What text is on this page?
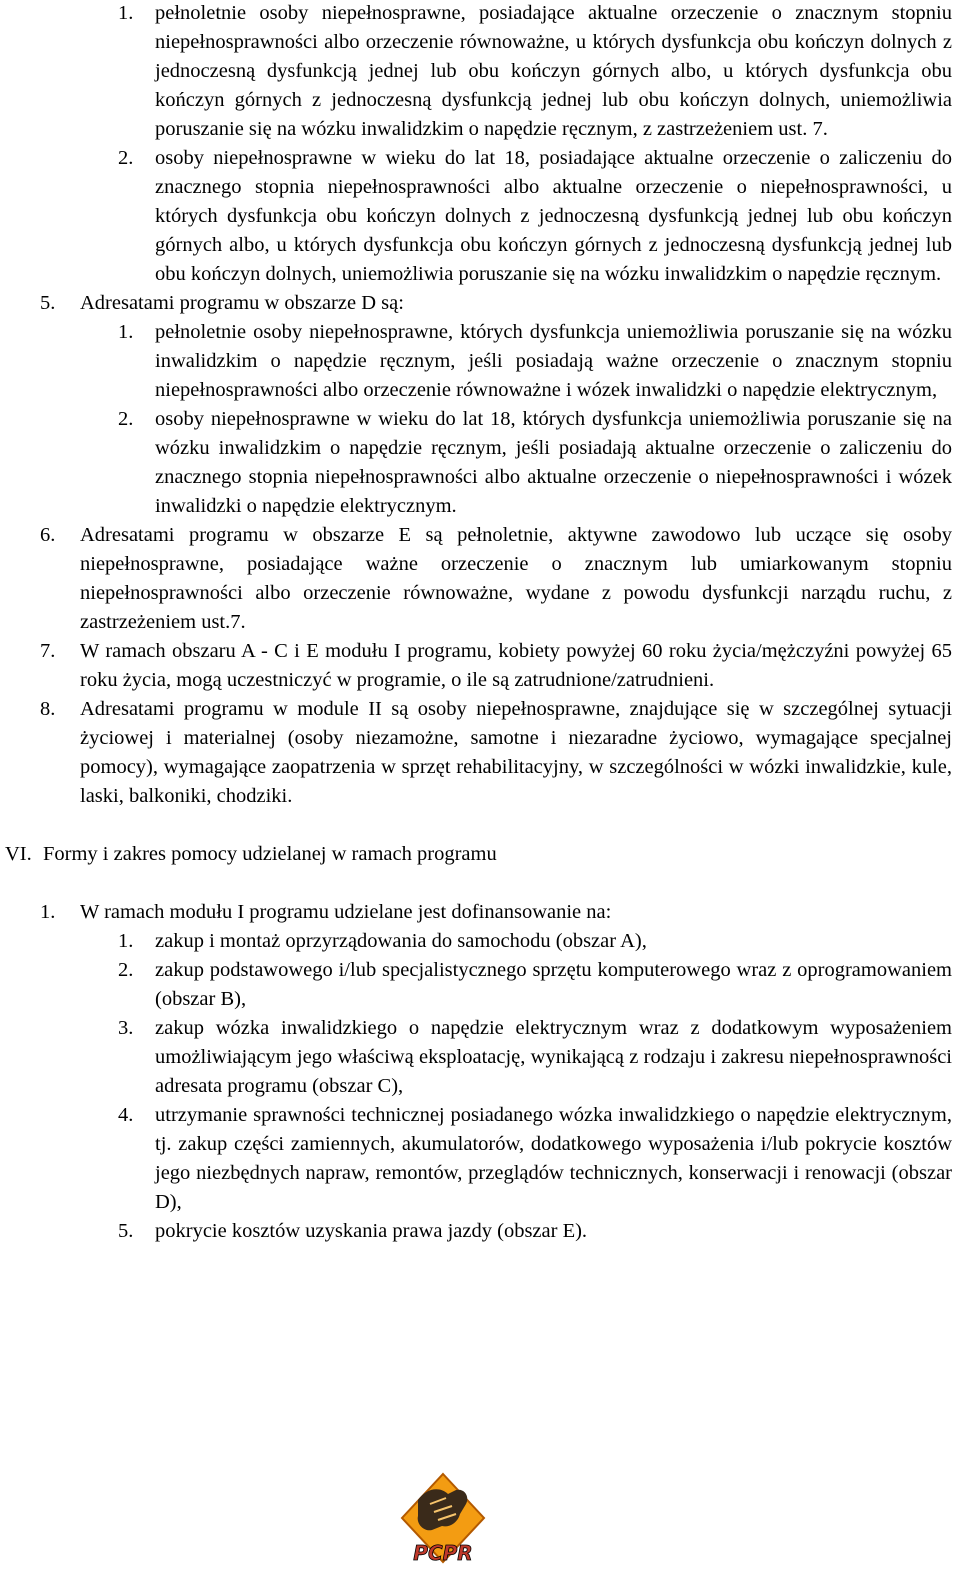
1. pełnoletnie osoby niepełnosprawne, posiadające aktualne orzeczenie o znacznym stopniu niepełnosprawności albo orzeczenie równoważne, u których dysfunkcja obu kończyn dolnych z jednoczesną dysfunkcją jednej lub obu kończyn górnych albo, u których dysfunkcja obu kończyn górnych z jednoczesną dysfunkcją jednej lub obu kończyn dolnych, uniemożliwia poruszanie się na wózku inwalidzkim o napędzie ręcznym, z zastrzeżeniem ust. 7.
2. osoby niepełnosprawne w wieku do lat 18, posiadające aktualne orzeczenie o zaliczeniu do znacznego stopnia niepełnosprawności albo aktualne orzeczenie o niepełnosprawności, u których dysfunkcja obu kończyn dolnych z jednoczesną dysfunkcją jednej lub obu kończyn górnych albo, u których dysfunkcja obu kończyn górnych z jednoczesną dysfunkcją jednej lub obu kończyn dolnych, uniemożliwia poruszanie się na wózku inwalidzkim o napędzie ręcznym.
5. Adresatami programu w obszarze D są:
1. pełnoletnie osoby niepełnosprawne, których dysfunkcja uniemożliwia poruszanie się na wózku inwalidzkim o napędzie ręcznym, jeśli posiadają ważne orzeczenie o znacznym stopniu niepełnosprawności albo orzeczenie równoważne i wózek inwalidzki o napędzie elektrycznym,
2. osoby niepełnosprawne w wieku do lat 18, których dysfunkcja uniemożliwia poruszanie się na wózku inwalidzkim o napędzie ręcznym, jeśli posiadają aktualne orzeczenie o zaliczeniu do znacznego stopnia niepełnosprawności albo aktualne orzeczenie o niepełnosprawności i wózek inwalidzki o napędzie elektrycznym.
6. Adresatami programu w obszarze E są pełnoletnie, aktywne zawodowo lub uczące się osoby niepełnosprawne, posiadające ważne orzeczenie o znacznym lub umiarkowanym stopniu niepełnosprawności albo orzeczenie równoważne, wydane z powodu dysfunkcji narządu ruchu, z zastrzeżeniem ust.7.
7. W ramach obszaru A - C i E modułu I programu, kobiety powyżej 60 roku życia/mężczyźni powyżej 65 roku życia, mogą uczestniczyć w programie, o ile są zatrudnione/zatrudnieni.
8. Adresatami programu w module II są osoby niepełnosprawne, znajdujące się w szczególnej sytuacji życiowej i materialnej (osoby niezamożne, samotne i niezaradne życiowo, wymagające specjalnej pomocy), wymagające zaopatrzenia w sprzęt rehabilitacyjny, w szczególności w wózki inwalidzkie, kule, laski, balkoniki, chodziki.
VI. Formy i zakres pomocy udzielanej w ramach programu
1. W ramach modułu I programu udzielane jest dofinansowanie na:
1. zakup i montaż oprzyrządowania do samochodu (obszar A),
2. zakup podstawowego i/lub specjalistycznego sprzętu komputerowego wraz z oprogramowaniem (obszar B),
3. zakup wózka inwalidzkiego o napędzie elektrycznym wraz z dodatkowym wyposażeniem umożliwiającym jego właściwą eksploatację, wynikającą z rodzaju i zakresu niepełnosprawności adresata programu (obszar C),
4. utrzymanie sprawności technicznej posiadanego wózka inwalidzkiego o napędzie elektrycznym, tj. zakup części zamiennych, akumulatorów, dodatkowego wyposażenia i/lub pokrycie kosztów jego niezbędnych napraw, remontów, przeglądów technicznych, konserwacji i renowacji (obszar D),
5. pokrycie kosztów uzyskania prawa jazdy (obszar E).
PCPR
